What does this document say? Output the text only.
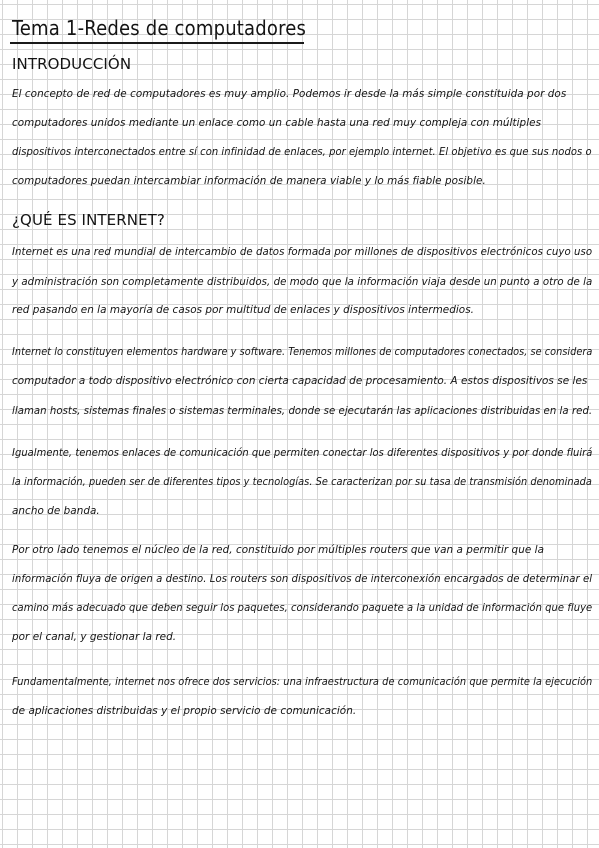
Tema 1-Redes de computadores
INTRODUCCIÓN
El concepto de red de computadores es muy amplio. Podemos ir desde la más simple constituida por dos
computadores unidos mediante un enlace como un cable hasta una red muy compleja con múltiples
dispositivos interconectados entre sí con infinidad de enlaces, por ejemplo internet. El objetivo es que sus nodos o
computadores puedan intercambiar información de manera viable y lo más fiable posible.
¿QUÉ ES INTERNET?
Internet es una red mundial de intercambio de datos formada por millones de dispositivos electrónicos cuyo uso
y administración son completamente distribuidos, de modo que la información viaja desde un punto a otro de la
red pasando en la mayoría de casos por multitud de enlaces y dispositivos intermedios.
Internet lo constituyen elementos hardware y software. Tenemos millones de computadores conectados, se considera
computador a todo dispositivo electrónico con cierta capacidad de procesamiento. A estos dispositivos se les
llaman hosts, sistemas finales o sistemas terminales, donde se ejecutarán las aplicaciones distribuidas en la red.
Igualmente, tenemos enlaces de comunicación que permiten conectar los diferentes dispositivos y por donde fluirá
la información, pueden ser de diferentes tipos y tecnologías. Se caracterizan por su tasa de transmisión denominada
ancho de banda.
Por otro lado tenemos el núcleo de la red, constituido por múltiples routers que van a permitir que la
información fluya de origen a destino. Los routers son dispositivos de interconexión encargados de determinar el
camino más adecuado que deben seguir los paquetes, considerando paquete a la unidad de información que fluye
por el canal, y gestionar la red.
Fundamentalmente, internet nos ofrece dos servicios: una infraestructura de comunicación que permite la ejecución
de aplicaciones distribuidas y el propio servicio de comunicación.
